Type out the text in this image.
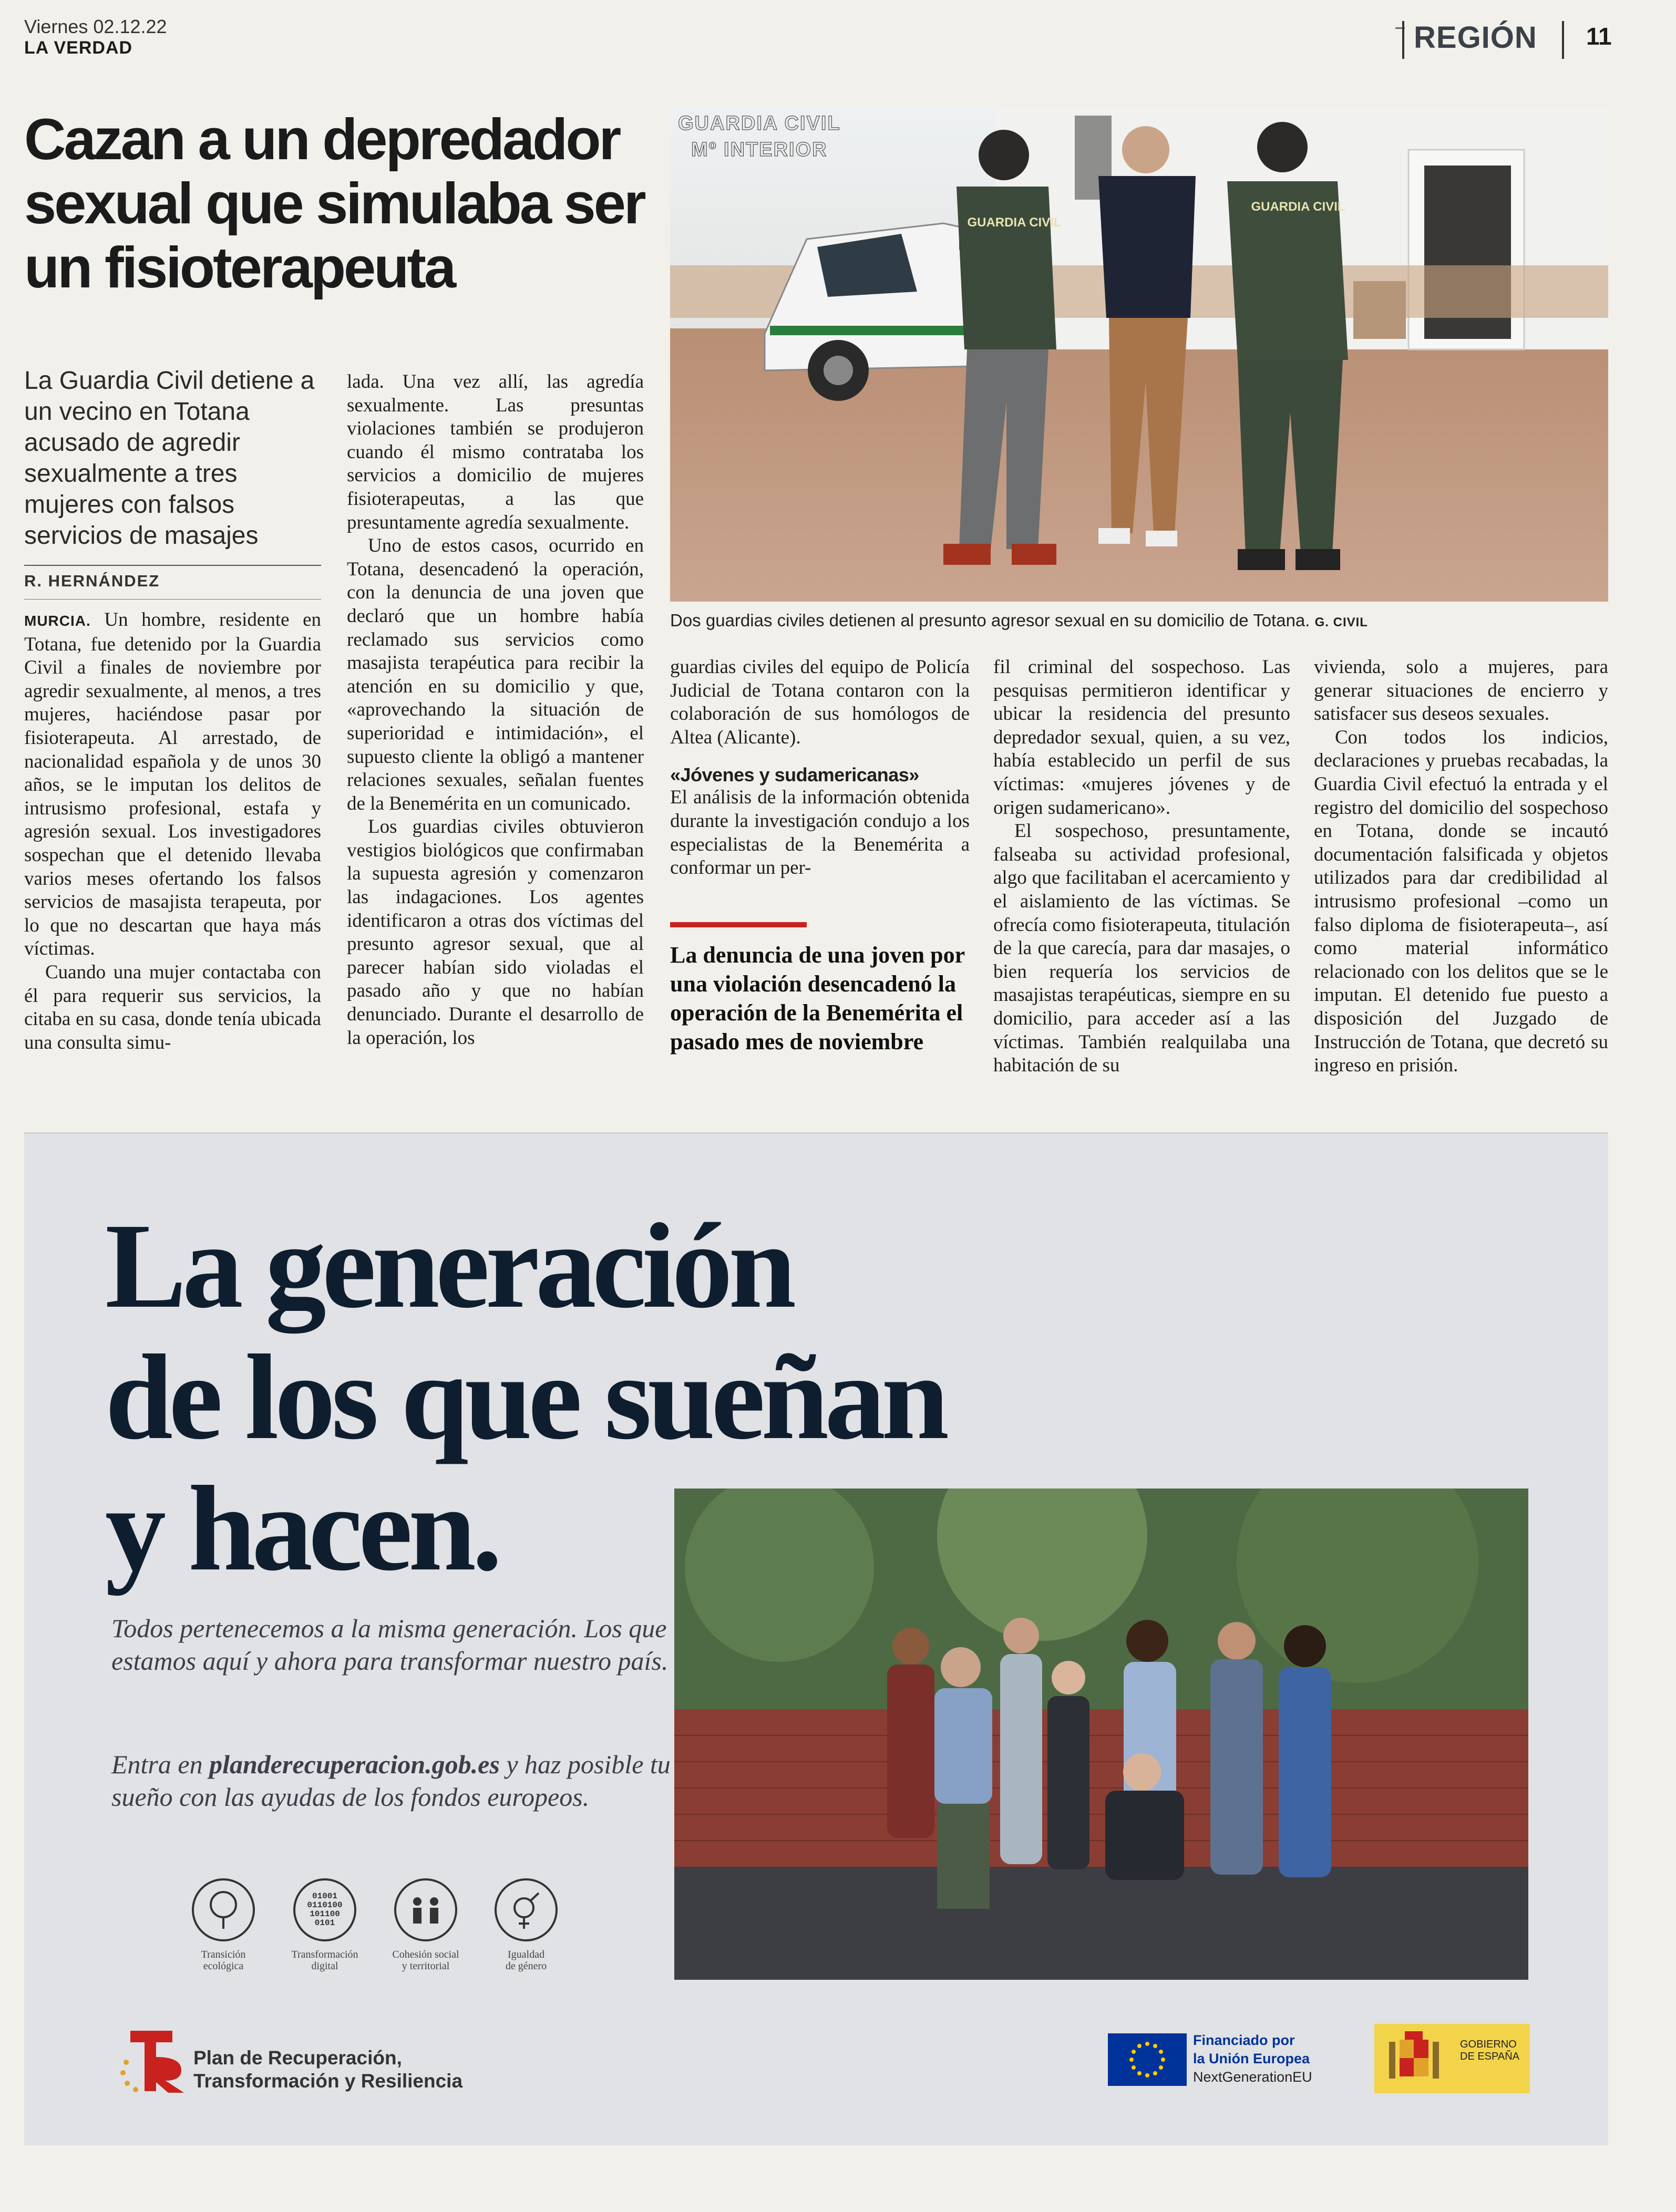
Viernes 02.12.22
LA VERDAD	REGIÓN 11
Cazan a un depredador sexual que simulaba ser un fisioterapeuta
La Guardia Civil detiene a un vecino en Totana acusado de agredir sexualmente a tres mujeres con falsos servicios de masajes
R. HERNÁNDEZ

MURCIA. Un hombre, residente en Totana, fue detenido por la Guardia Civil a finales de noviembre por agredir sexualmente, al menos, a tres mujeres, haciéndose pasar por fisioterapeuta. Al arrestado, de nacionalidad española y de unos 30 años, se le imputan los delitos de intrusismo profesional, estafa y agresión sexual. Los investigadores sospechan que el detenido llevaba varios meses ofertando los falsos servicios de masajista terapeuta, por lo que no descartan que haya más víctimas.

Cuando una mujer contactaba con él para requerir sus servicios, la citaba en su casa, donde tenía ubicada una consulta simu-

lada. Una vez allí, las agredía sexualmente. Las presuntas violaciones también se produjeron cuando él mismo contrataba los servicios a domicilio de mujeres fisioterapeutas, a las que presuntamente agredía sexualmente.

Uno de estos casos, ocurrido en Totana, desencadenó la operación, con la denuncia de una joven que declaró que un hombre había reclamado sus servicios como masajista terapéutica para recibir la atención en su domicilio y que, «aprovechando la situación de superioridad e intimidación», el supuesto cliente la obligó a mantener relaciones sexuales, señalan fuentes de la Benemérita en un comunicado.

Los guardias civiles obtuvieron vestigios biológicos que confirmaban la supuesta agresión y comenzaron las indagaciones. Los agentes identificaron a otras dos víctimas del presunto agresor sexual, que al parecer habían sido violadas el pasado año y que no habían denunciado. Durante el desarrollo de la operación, los

GUARDIA CIVIL
Mº INTERIOR
GUARDIA CIVIL
GUARDIA CIVIL
Dos guardias civiles detienen al presunto agresor sexual en su domicilio de Totana. G. CIVIL

guardias civiles del equipo de Policía Judicial de Totana contaron con la colaboración de sus homólogos de Altea (Alicante).

«Jóvenes y sudamericanas»

El análisis de la información obtenida durante la investigación condujo a los especialistas de la Benemérita a conformar un per-

La denuncia de una joven por una violación desencadenó la operación de la Benemérita el pasado mes de noviembre

fil criminal del sospechoso. Las pesquisas permitieron identificar y ubicar la residencia del presunto depredador sexual, quien, a su vez, había establecido un perfil de sus víctimas: «mujeres jóvenes y de origen sudamericano».

El sospechoso, presuntamente, falseaba su actividad profesional, algo que facilitaban el acercamiento y el aislamiento de las víctimas. Se ofrecía como fisioterapeuta, titulación de la que carecía, para dar masajes, o bien requería los servicios de masajistas terapéuticas, siempre en su domicilio, para acceder así a las víctimas. También realquilaba una habitación de su

vivienda, solo a mujeres, para generar situaciones de encierro y satisfacer sus deseos sexuales.

Con todos los indicios, declaraciones y pruebas recabadas, la Guardia Civil efectuó la entrada y el registro del domicilio del sospechoso en Totana, donde se incautó documentación falsificada y objetos utilizados para dar credibilidad al intrusismo profesional –como un falso diploma de fisioterapeuta–, así como material informático relacionado con los delitos que se le imputan. El detenido fue puesto a disposición del Juzgado de Instrucción de Totana, que decretó su ingreso en prisión.

La generación
de los que sueñan
y hacen.
Todos pertenecemos a la misma generación. Los que estamos aquí y ahora para transformar nuestro país.
Entra en planderecuperacion.gob.es y haz posible tu sueño con las ayudas de los fondos europeos.
Transición
ecológica
01001
0110100
101100
0101
Transformación
digital
Cohesión social
y territorial
Igualdad
de género
Plan de Recuperación,
Transformación y Resiliencia
Financiado por
la Unión Europea
NextGenerationEU
GOBIERNO
DE ESPAÑA
